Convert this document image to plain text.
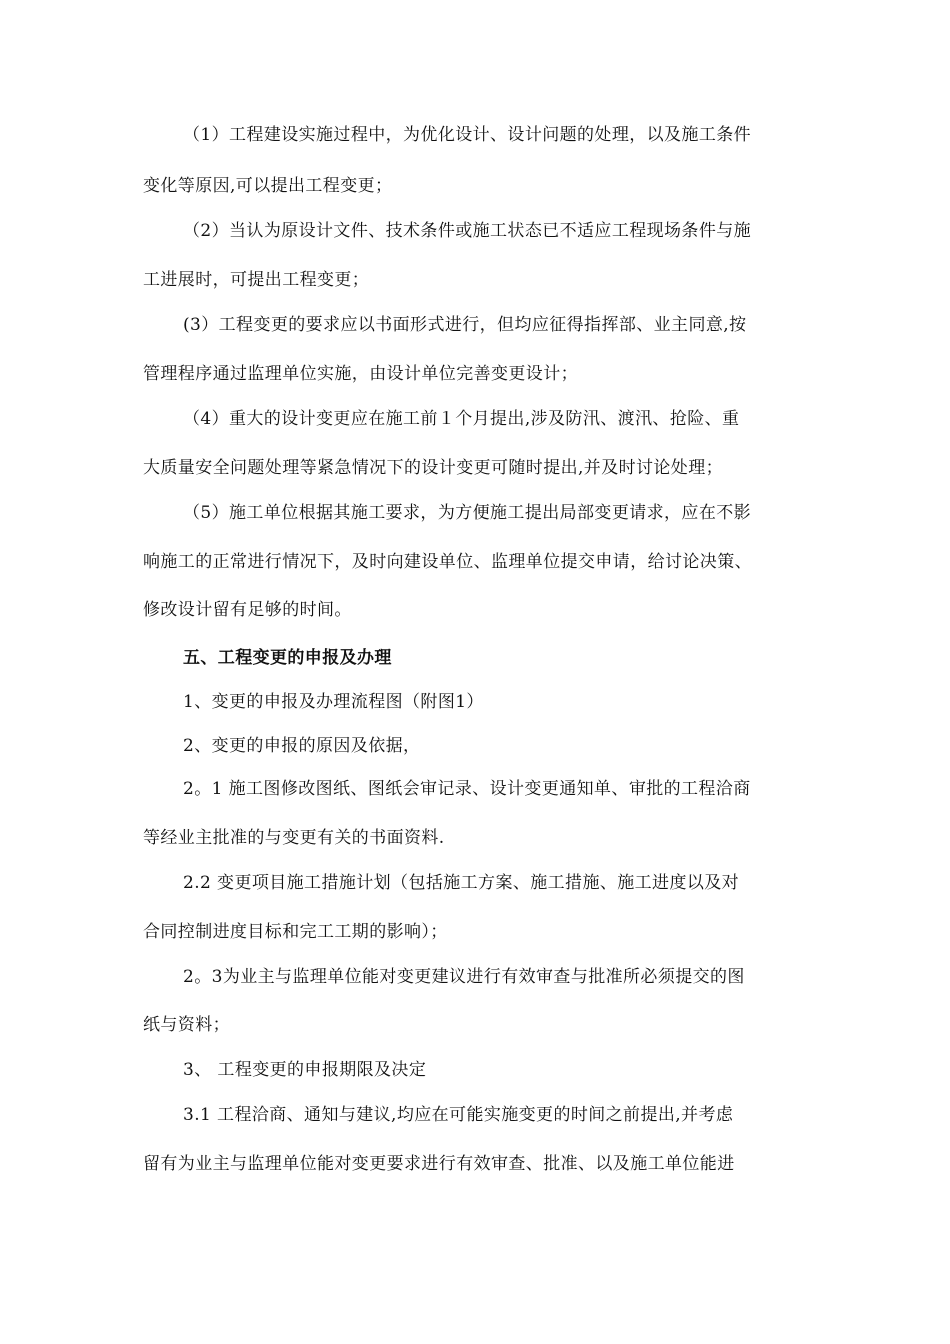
（1）工程建设实施过程中，为优化设计、设计问题的处理，以及施工条件
变化等原因,可以提出工程变更；
（2）当认为原设计文件、技术条件或施工状态已不适应工程现场条件与施
工进展时，可提出工程变更；
(3）工程变更的要求应以书面形式进行，但均应征得指挥部、业主同意,按
管理程序通过监理单位实施，由设计单位完善变更设计；
（4）重大的设计变更应在施工前１个月提出,涉及防汛、渡汛、抢险、重
大质量安全问题处理等紧急情况下的设计变更可随时提出,并及时讨论处理；
（5）施工单位根据其施工要求，为方便施工提出局部变更请求，应在不影
响施工的正常进行情况下，及时向建设单位、监理单位提交申请，给讨论决策、
修改设计留有足够的时间。
五、工程变更的申报及办理
1、变更的申报及办理流程图（附图1）
2、变更的申报的原因及依据，
2。1 施工图修改图纸、图纸会审记录、设计变更通知单、审批的工程洽商
等经业主批准的与变更有关的书面资料.
2.2 变更项目施工措施计划（包括施工方案、施工措施、施工进度以及对
合同控制进度目标和完工工期的影响）；
2。3为业主与监理单位能对变更建议进行有效审查与批准所必须提交的图
纸与资料；
3、 工程变更的申报期限及决定
3.1 工程洽商、通知与建议,均应在可能实施变更的时间之前提出,并考虑
留有为业主与监理单位能对变更要求进行有效审查、批准、以及施工单位能进
